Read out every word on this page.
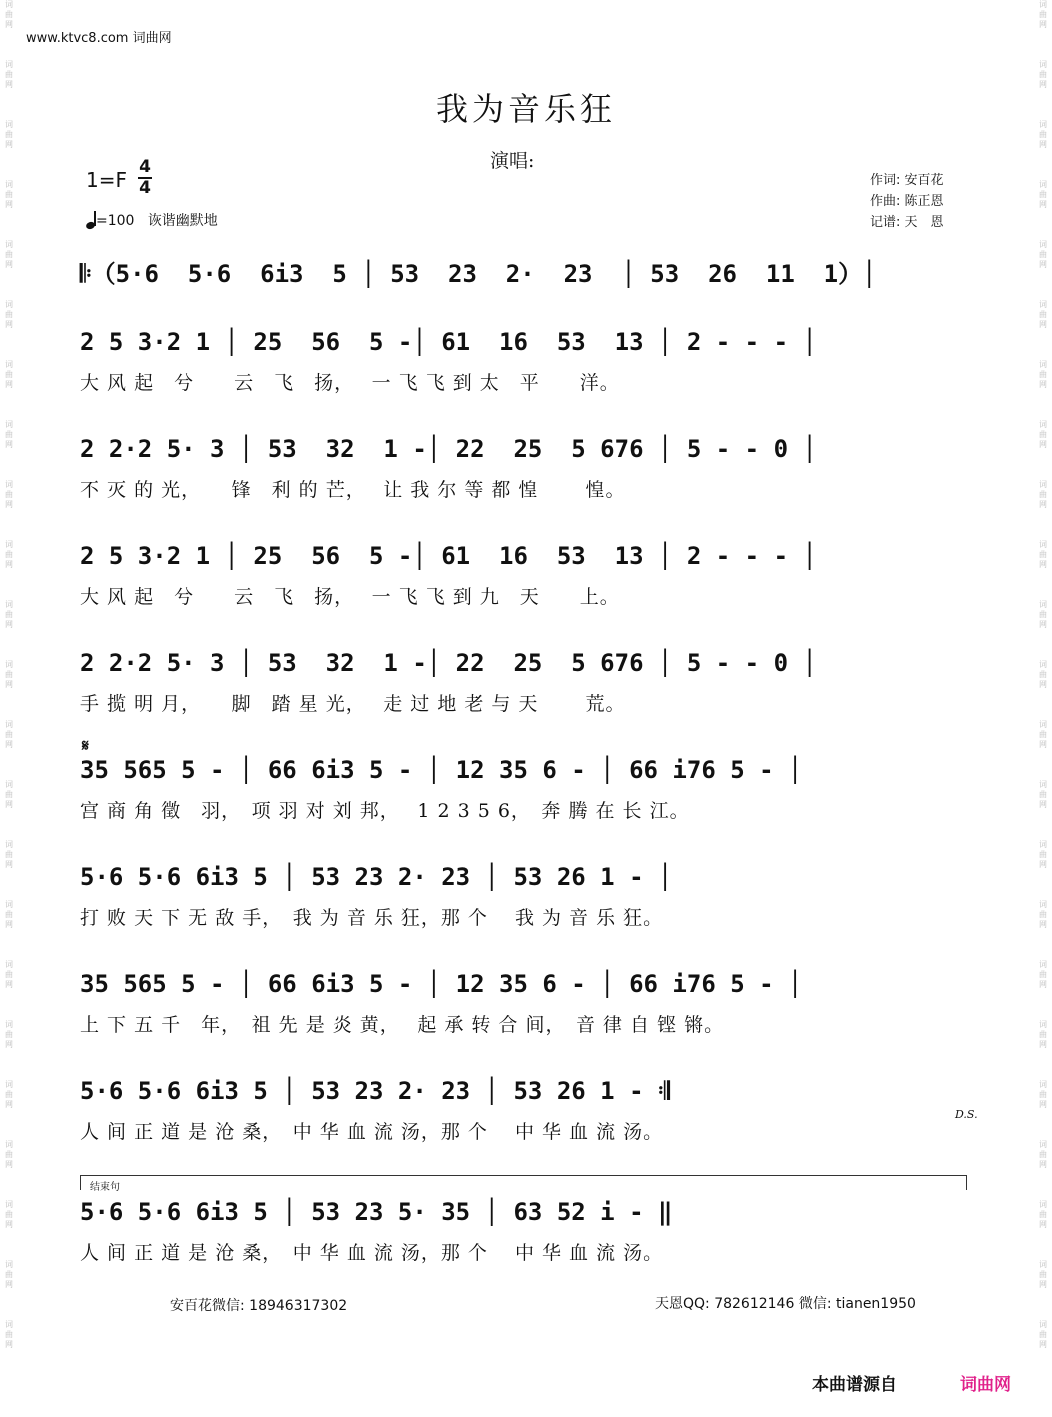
词
曲
网
词
曲
网
词
曲
网
词
曲
网
词
曲
网
词
曲
网
词
曲
网
词
曲
网
词
曲
网
词
曲
网
词
曲
网
词
曲
网
词
曲
网
词
曲
网
词
曲
网
词
曲
网
词
曲
网
词
曲
网
词
曲
网
词
曲
网
词
曲
网
词
曲
网
词
曲
网
词
曲
网
词
曲
网
词
曲
网
词
曲
网
词
曲
网
词
曲
网
词
曲
网
词
曲
网
词
曲
网
词
曲
网
词
曲
网
词
曲
网
词
曲
网
词
曲
网
词
曲
网
词
曲
网
词
曲
网
词
曲
网
词
曲
网
词
曲
网
词
曲
网
词
曲
网
词
曲
网
www.ktvc8.com 词曲网
我为音乐狂
演唱:
1=F
4
4
=100 诙谐幽默地
作词: 安百花
作曲: 陈正恩
记谱: 天　恩
𝄆（5·6  5·6  6i3  5 │ 53  23  2·  23  │ 53  26  11  1）│
2 5 3·2 1 │ 25  56  5 -│ 61  16  53  13 │ 2 - - - │
大 风 起　兮　　云　飞　扬，　 一 飞 飞 到 太　平　　洋。
2 2·2 5· 3 │ 53  32  1 -│ 22  25  5 676 │ 5 - - 0 │
不 灭 的 光，　　锋　利 的 芒，　 让 我 尔 等 都 惶　　 惶。
2 5 3·2 1 │ 25  56  5 -│ 61  16  53  13 │ 2 - - - │
大 风 起　兮　　云　飞　扬，　 一 飞 飞 到 九　天　　上。
2 2·2 5· 3 │ 53  32  1 -│ 22  25  5 676 │ 5 - - 0 │
手 揽 明 月，　　脚　踏 星 光，　 走 过 地 老 与 天　　 荒。
𝄋
35 565 5 - │ 66 6i3 5 - │ 12 35 6 - │ 66 i76 5 - │
宫 商 角 徵　羽，　项 羽 对 刘 邦，　 1 2 3 5 6，　奔 腾 在 长 江。
5·6 5·6 6i3 5 │ 53 23 2· 23 │ 53 26 1 - │
打 败 天 下 无 敌 手，　我 为 音 乐 狂，那 个　 我 为 音 乐 狂。
35 565 5 - │ 66 6i3 5 - │ 12 35 6 - │ 66 i76 5 - │
上 下 五 千　年，　祖 先 是 炎 黄，　 起 承 转 合 间，　音 律 自 铿 锵。
5·6 5·6 6i3 5 │ 53 23 2· 23 │ 53 26 1 - 𝄇
人 间 正 道 是 沧 桑，　中 华 血 流 汤，那 个　 中 华 血 流 汤。
D.S.
结束句
5·6 5·6 6i3 5 │ 53 23 5· 35 │ 63 52 i - ‖
人 间 正 道 是 沧 桑，　中 华 血 流 汤，那 个　 中 华 血 流 汤。
安百花微信: 18946317302	天恩QQ: 782612146 微信: tianen1950
本曲谱源自	词曲网
